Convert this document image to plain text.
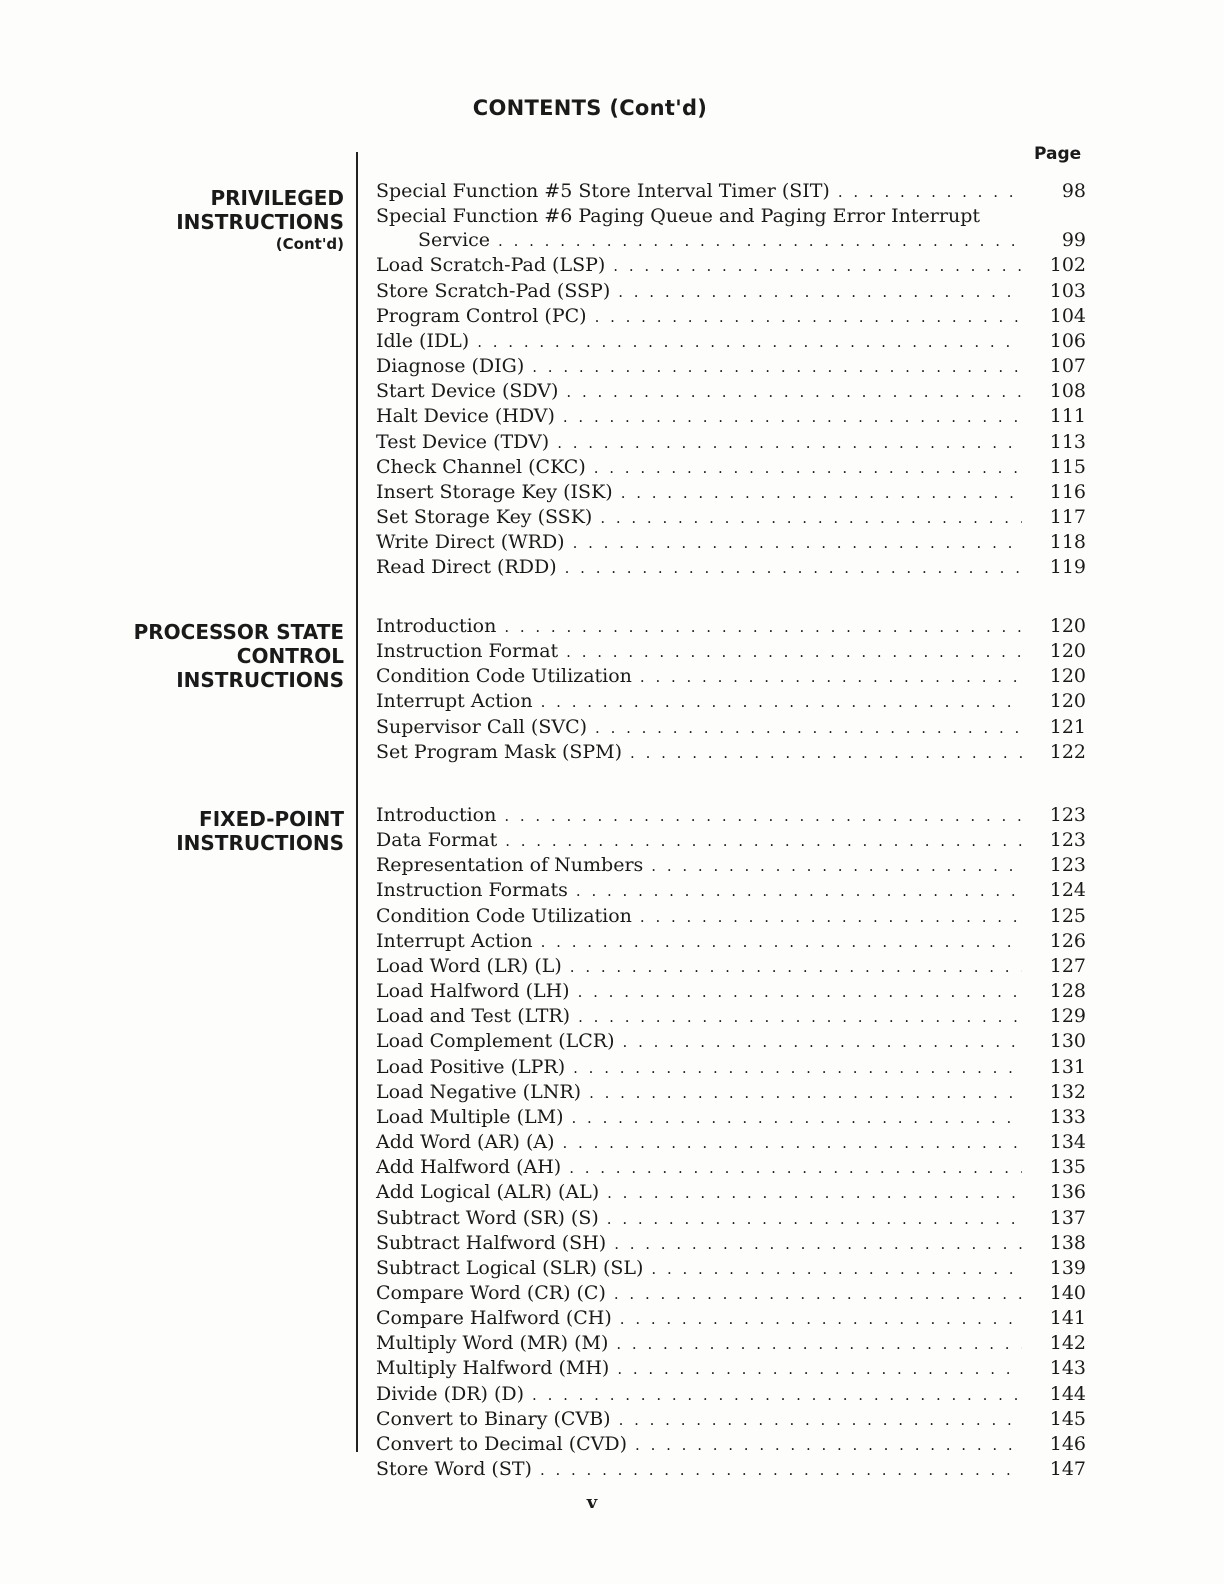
CONTENTS (Cont'd)
Page
PRIVILEGED
INSTRUCTIONS
(Cont'd)
Special Function #5 Store Interval Timer (SIT) . . .	98
Special Function #6 Paging Queue and Paging Error Interrupt
Service . . .	99
Load Scratch-Pad (LSP) . . .	102
Store Scratch-Pad (SSP) . . .	103
Program Control (PC) . . .	104
Idle (IDL) . . .	106
Diagnose (DIG) . . .	107
Start Device (SDV) . . .	108
Halt Device (HDV) . . .	111
Test Device (TDV) . . .	113
Check Channel (CKC) . . .	115
Insert Storage Key (ISK) . . .	116
Set Storage Key (SSK) . . .	117
Write Direct (WRD) . . .	118
Read Direct (RDD) . . .	119
PROCESSOR STATE
CONTROL
INSTRUCTIONS
Introduction . . .	120
Instruction Format . . .	120
Condition Code Utilization . . .	120
Interrupt Action . . .	120
Supervisor Call (SVC) . . .	121
Set Program Mask (SPM) . . .	122
FIXED-POINT
INSTRUCTIONS
Introduction . . .	123
Data Format . . .	123
Representation of Numbers . . .	123
Instruction Formats . . .	124
Condition Code Utilization . . .	125
Interrupt Action . . .	126
Load Word (LR) (L) . . .	127
Load Halfword (LH) . . .	128
Load and Test (LTR) . . .	129
Load Complement (LCR) . . .	130
Load Positive (LPR) . . .	131
Load Negative (LNR) . . .	132
Load Multiple (LM) . . .	133
Add Word (AR) (A) . . .	134
Add Halfword (AH) . . .	135
Add Logical (ALR) (AL) . . .	136
Subtract Word (SR) (S) . . .	137
Subtract Halfword (SH) . . .	138
Subtract Logical (SLR) (SL) . . .	139
Compare Word (CR) (C) . . .	140
Compare Halfword (CH) . . .	141
Multiply Word (MR) (M) . . .	142
Multiply Halfword (MH) . . .	143
Divide (DR) (D) . . .	144
Convert to Binary (CVB) . . .	145
Convert to Decimal (CVD) . . .	146
Store Word (ST) . . .	147
v
